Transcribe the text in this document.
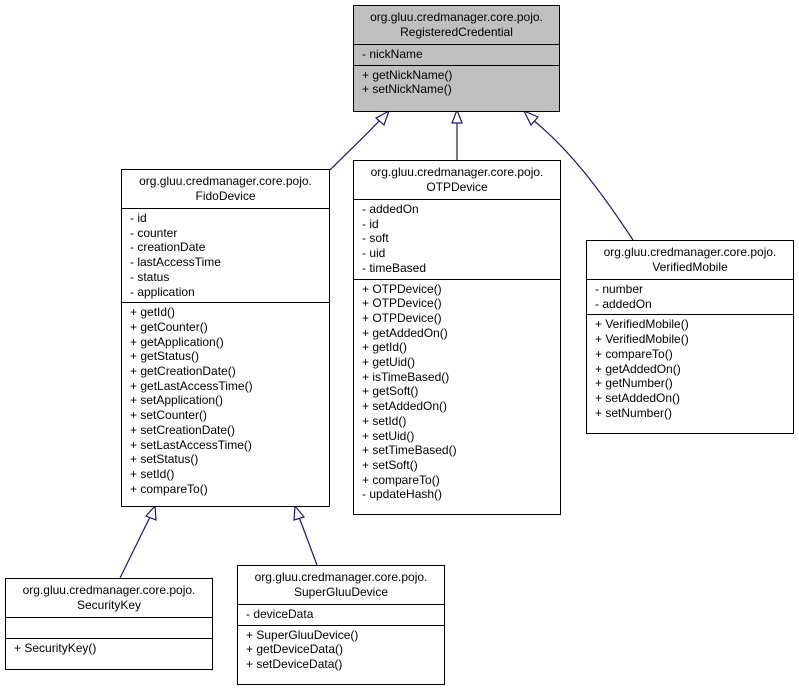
org.gluu.credmanager.core.pojo.
RegisteredCredential
- nickName
+ getNickName()
+ setNickName()
org.gluu.credmanager.core.pojo.
FidoDevice
- id
- counter
- creationDate
- lastAccessTime
- status
- application
+ getId()
+ getCounter()
+ getApplication()
+ getStatus()
+ getCreationDate()
+ getLastAccessTime()
+ setApplication()
+ setCounter()
+ setCreationDate()
+ setLastAccessTime()
+ setStatus()
+ setId()
+ compareTo()
org.gluu.credmanager.core.pojo.
OTPDevice
- addedOn
- id
- soft
- uid
- timeBased
+ OTPDevice()
+ OTPDevice()
+ OTPDevice()
+ getAddedOn()
+ getId()
+ getUid()
+ isTimeBased()
+ getSoft()
+ setAddedOn()
+ setId()
+ setUid()
+ setTimeBased()
+ setSoft()
+ compareTo()
- updateHash()
org.gluu.credmanager.core.pojo.
VerifiedMobile
- number
- addedOn
+ VerifiedMobile()
+ VerifiedMobile()
+ compareTo()
+ getAddedOn()
+ getNumber()
+ setAddedOn()
+ setNumber()
org.gluu.credmanager.core.pojo.
SecurityKey
+ SecurityKey()
org.gluu.credmanager.core.pojo.
SuperGluuDevice
- deviceData
+ SuperGluuDevice()
+ getDeviceData()
+ setDeviceData()
